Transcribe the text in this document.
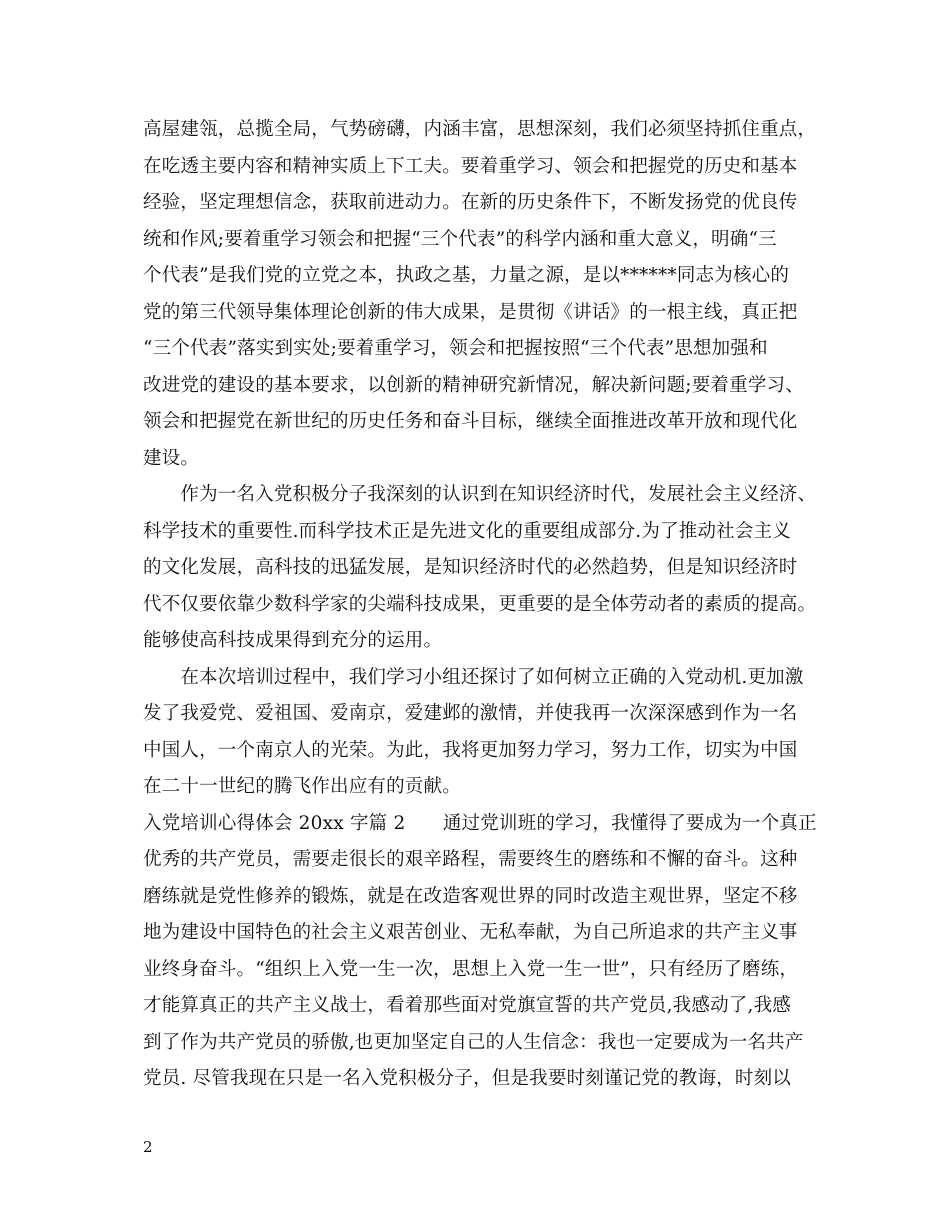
高屋建瓴，总揽全局，气势磅礴，内涵丰富，思想深刻，我们必须坚持抓住重点，
在吃透主要内容和精神实质上下工夫。要着重学习、领会和把握党的历史和基本
经验，坚定理想信念，获取前进动力。在新的历史条件下，不断发扬党的优良传
统和作风;要着重学习领会和把握“三个代表”的科学内涵和重大意义，明确“三
个代表”是我们党的立党之本，执政之基，力量之源，是以******同志为核心的
党的第三代领导集体理论创新的伟大成果，是贯彻《讲话》的一根主线，真正把
“三个代表”落实到实处;要着重学习，领会和把握按照“三个代表”思想加强和
改进党的建设的基本要求，以创新的精神研究新情况，解决新问题;要着重学习、
领会和把握党在新世纪的历史任务和奋斗目标，继续全面推进改革开放和现代化
建设。
　　作为一名入党积极分子我深刻的认识到在知识经济时代，发展社会主义经济、
科学技术的重要性.而科学技术正是先进文化的重要组成部分.为了推动社会主义
的文化发展，高科技的迅猛发展，是知识经济时代的必然趋势，但是知识经济时
代不仅要依靠少数科学家的尖端科技成果，更重要的是全体劳动者的素质的提高。
能够使高科技成果得到充分的运用。
　　在本次培训过程中，我们学习小组还探讨了如何树立正确的入党动机.更加激
发了我爱党、爱祖国、爱南京，爱建邺的激情，并使我再一次深深感到作为一名
中国人，一个南京人的光荣。为此，我将更加努力学习，努力工作，切实为中国
在二十一世纪的腾飞作出应有的贡献。
入党培训心得体会 20xx 字篇 2　　通过党训班的学习，我懂得了要成为一个真正
优秀的共产党员，需要走很长的艰辛路程，需要终生的磨练和不懈的奋斗。这种
磨练就是党性修养的锻炼，就是在改造客观世界的同时改造主观世界，坚定不移
地为建设中国特色的社会主义艰苦创业、无私奉献，为自己所追求的共产主义事
业终身奋斗。“组织上入党一生一次，思想上入党一生一世”，只有经历了磨练，
才能算真正的共产主义战士，看着那些面对党旗宣誓的共产党员,我感动了,我感
到了作为共产党员的骄傲,也更加坚定自己的人生信念：我也一定要成为一名共产
党员. 尽管我现在只是一名入党积极分子，但是我要时刻谨记党的教诲，时刻以
2
